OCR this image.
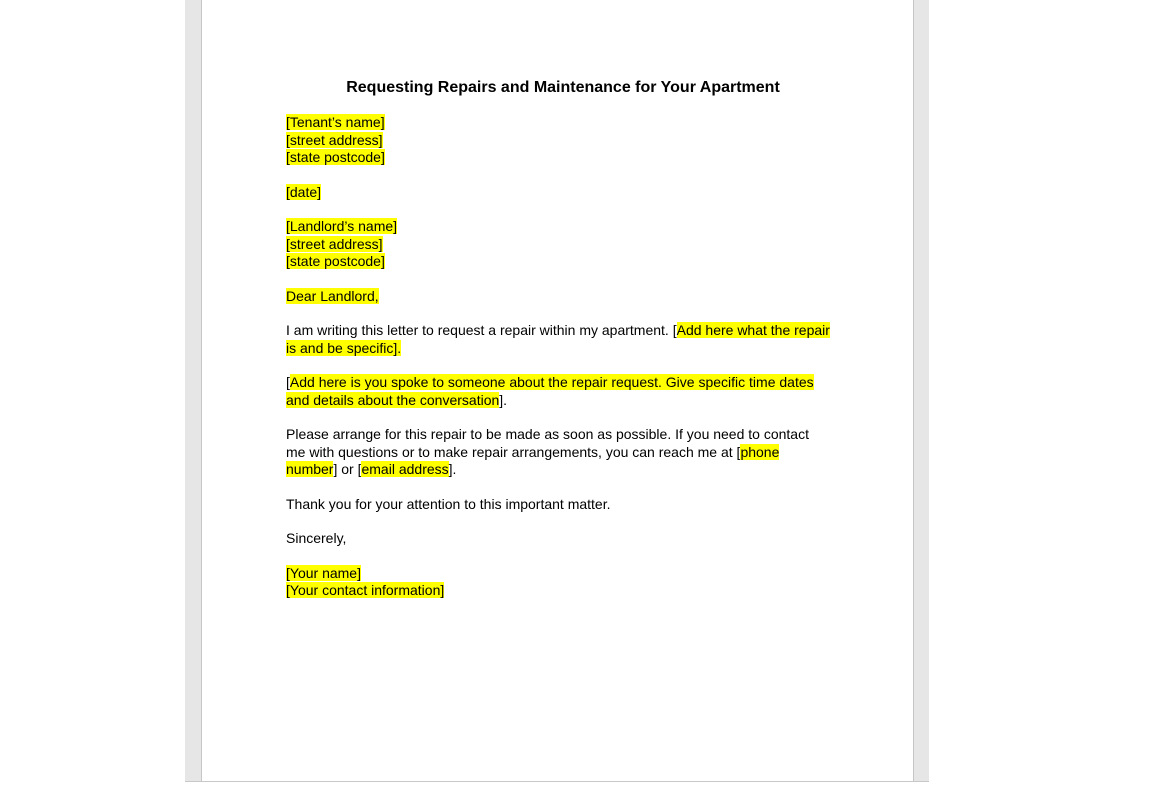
Requesting Repairs and Maintenance for Your Apartment
[Tenant’s name]
[street address]
[state postcode]
[date]
[Landlord’s name]
[street address]
[state postcode]
Dear Landlord,
I am writing this letter to request a repair within my apartment. [Add here what the repair
is and be specific].
[Add here is you spoke to someone about the repair request. Give specific time dates
and details about the conversation].
Please arrange for this repair to be made as soon as possible. If you need to contact
me with questions or to make repair arrangements, you can reach me at [phone
number] or [email address].
Thank you for your attention to this important matter.
Sincerely,
[Your name]
[Your contact information]
